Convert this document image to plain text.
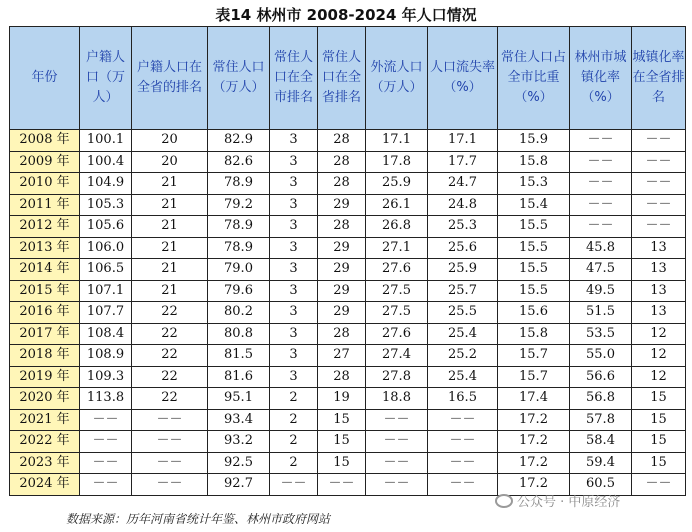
表14 林州市 2008-2024 年人口情况
年份	户籍人口（万人）	户籍人口在全省的排名	常住人口（万人）	常住人口在全市排名	常住人口在全省排名	外流人口（万人）	人口流失率（%）	常住人口占全市比重（%）	林州市城镇化率（%）	城镇化率在全省排名
2008 年	100.1	20	82.9	3	28	17.1	17.1	15.9	－－	－－
2009 年	100.4	20	82.6	3	28	17.8	17.7	15.8	－－	－－
2010 年	104.9	21	78.9	3	28	25.9	24.7	15.3	－－	－－
2011 年	105.3	21	79.2	3	29	26.1	24.8	15.4	－－	－－
2012 年	105.6	21	78.9	3	28	26.8	25.3	15.5	－－	－－
2013 年	106.0	21	78.9	3	29	27.1	25.6	15.5	45.8	13
2014 年	106.5	21	79.0	3	29	27.6	25.9	15.5	47.5	13
2015 年	107.1	21	79.6	3	29	27.5	25.7	15.5	49.5	13
2016 年	107.7	22	80.2	3	29	27.5	25.5	15.6	51.5	13
2017 年	108.4	22	80.8	3	28	27.6	25.4	15.8	53.5	12
2018 年	108.9	22	81.5	3	27	27.4	25.2	15.7	55.0	12
2019 年	109.3	22	81.6	3	28	27.8	25.4	15.7	56.6	12
2020 年	113.8	22	95.1	2	19	18.8	16.5	17.4	56.8	15
2021 年	－－	－－	93.4	2	15	－－	－－	17.2	57.8	15
2022 年	－－	－－	93.2	2	15	－－	－－	17.2	58.4	15
2023 年	－－	－－	92.5	2	15	－－	－－	17.2	59.4	15
2024 年	－－	－－	92.7	－－	－－	－－	－－	17.2	60.5	－－
数据来源：历年河南省统计年鉴、林州市政府网站
公众号 · 中原经济
